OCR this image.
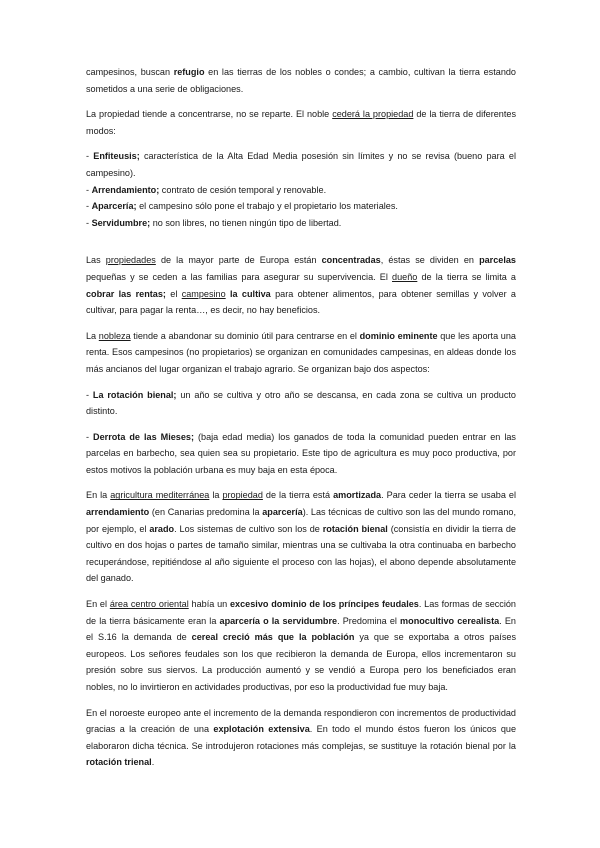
campesinos, buscan refugio en las tierras de los nobles o condes; a cambio, cultivan la tierra estando sometidos a una serie de obligaciones.

La propiedad tiende a concentrarse, no se reparte. El noble cederá la propiedad de la tierra de diferentes modos:

- Enfiteusis; característica de la Alta Edad Media posesión sin límites y no se revisa (bueno para el campesino).

- Arrendamiento; contrato de cesión temporal y renovable.

- Aparcería; el campesino sólo pone el trabajo y el propietario los materiales.

- Servidumbre; no son libres, no tienen ningún tipo de libertad.

Las propiedades de la mayor parte de Europa están concentradas, éstas se dividen en parcelas pequeñas y se ceden a las familias para asegurar su supervivencia. El dueño de la tierra se limita a cobrar las rentas; el campesino la cultiva para obtener alimentos, para obtener semillas y volver a cultivar, para pagar la renta…, es decir, no hay beneficios.

La nobleza tiende a abandonar su dominio útil para centrarse en el dominio eminente que les aporta una renta. Esos campesinos (no propietarios) se organizan en comunidades campesinas, en aldeas donde los más ancianos del lugar organizan el trabajo agrario. Se organizan bajo dos aspectos:

- La rotación bienal; un año se cultiva y otro año se descansa, en cada zona se cultiva un producto distinto.

- Derrota de las Mieses; (baja edad media) los ganados de toda la comunidad pueden entrar en las parcelas en barbecho, sea quien sea su propietario. Este tipo de agricultura es muy poco productiva, por estos motivos la población urbana es muy baja en esta época.

En la agricultura mediterránea la propiedad de la tierra está amortizada. Para ceder la tierra se usaba el arrendamiento (en Canarias predomina la aparcería). Las técnicas de cultivo son las del mundo romano, por ejemplo, el arado. Los sistemas de cultivo son los de rotación bienal (consistía en dividir la tierra de cultivo en dos hojas o partes de tamaño similar, mientras una se cultivaba la otra continuaba en barbecho recuperándose, repitiéndose al año siguiente el proceso con las hojas), el abono depende absolutamente del ganado.

En el área centro oriental había un excesivo dominio de los príncipes feudales. Las formas de sección de la tierra básicamente eran la aparcería o la servidumbre. Predomina el monocultivo cerealista. En el S.16 la demanda de cereal creció más que la población ya que se exportaba a otros países europeos. Los señores feudales son los que recibieron la demanda de Europa, ellos incrementaron su presión sobre sus siervos. La producción aumentó y se vendió a Europa pero los beneficiados eran nobles, no lo invirtieron en actividades productivas, por eso la productividad fue muy baja.

En el noroeste europeo ante el incremento de la demanda respondieron con incrementos de productividad gracias a la creación de una explotación extensiva. En todo el mundo éstos fueron los únicos que elaboraron dicha técnica. Se introdujeron rotaciones más complejas, se sustituye la rotación bienal por la rotación trienal.
